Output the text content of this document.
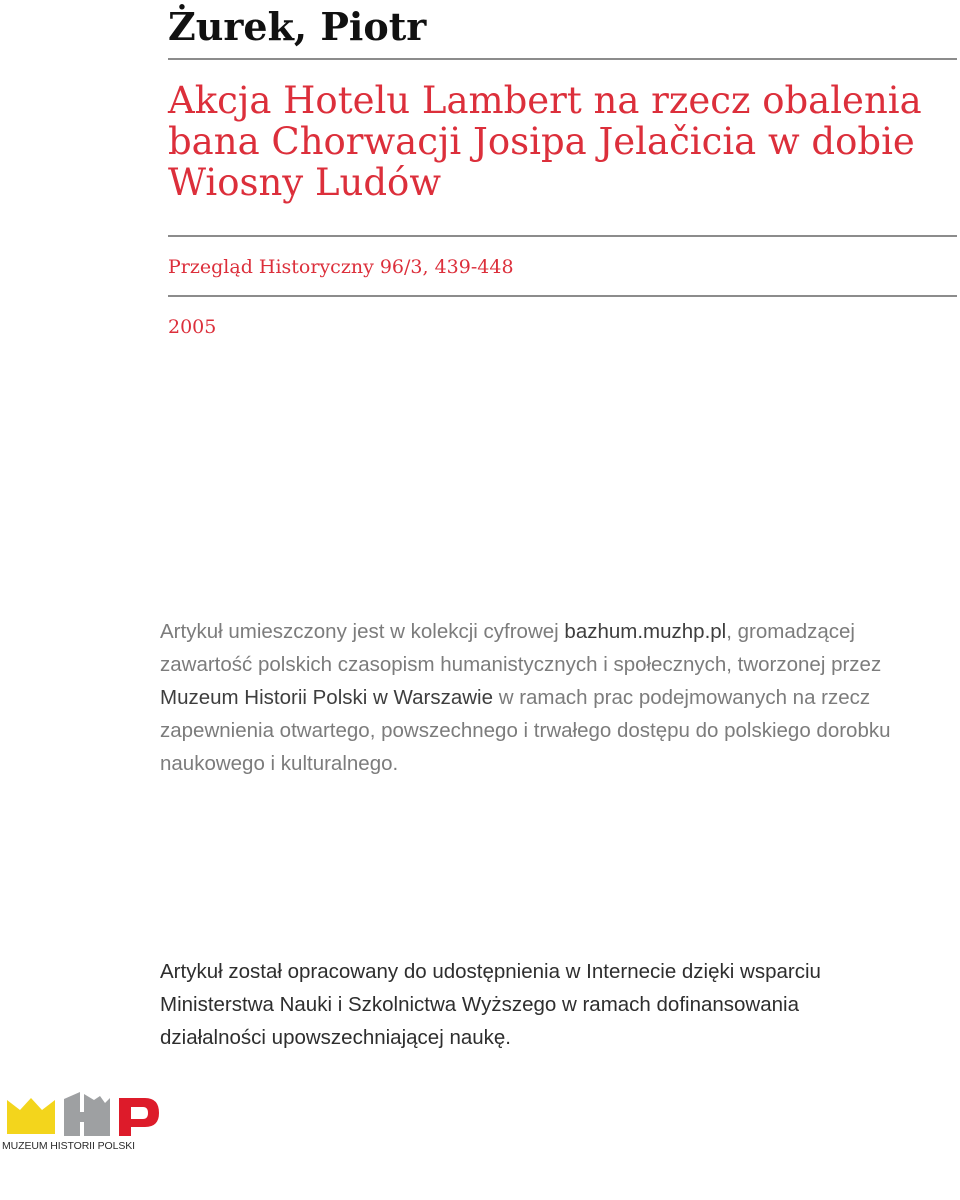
Żurek, Piotr
Akcja Hotelu Lambert na rzecz obalenia bana Chorwacji Josipa Jelačicia w dobie Wiosny Ludów

Przegląd Historyczny 96/3, 439-448

2005

Artykuł umieszczony jest w kolekcji cyfrowej bazhum.muzhp.pl, gromadzącej zawartość polskich czasopism humanistycznych i społecznych, tworzonej przez Muzeum Historii Polski w Warszawie w ramach prac podejmowanych na rzecz zapewnienia otwartego, powszechnego i trwałego dostępu do polskiego dorobku naukowego i kulturalnego.

Artykuł został opracowany do udostępnienia w Internecie dzięki wsparciu Ministerstwa Nauki i Szkolnictwa Wyższego w ramach dofinansowania działalności upowszechniającej naukę.

MUZEUM HISTORII POLSKI
